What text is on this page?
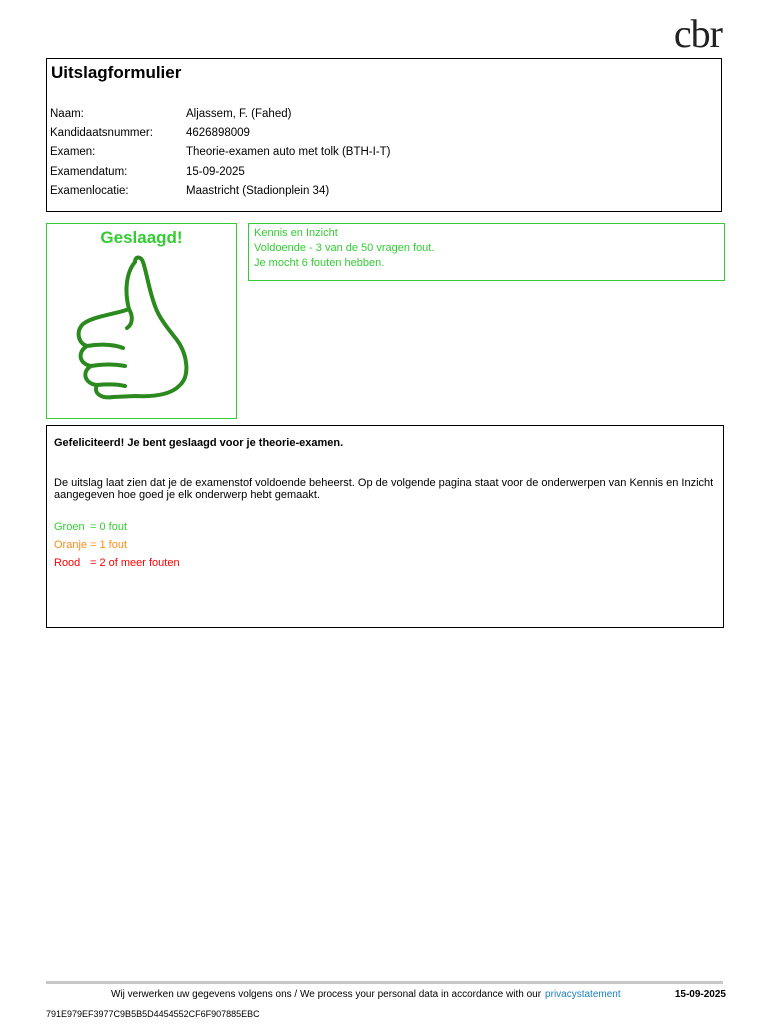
cbr
Uitslagformulier
Naam:	Aljassem, F. (Fahed)
Kandidaatsnummer:	4626898009
Examen:	Theorie-examen auto met tolk (BTH-I-T)
Examendatum:	15-09-2025
Examenlocatie:	Maastricht (Stadionplein 34)
Geslaagd!	Kennis en Inzicht
Voldoende - 3 van de 50 vragen fout.
Je mocht 6 fouten hebben.
Gefeliciteerd! Je bent geslaagd voor je theorie-examen.
De uitslag laat zien dat je de examenstof voldoende beheerst. Op de volgende pagina staat voor de onderwerpen van Kennis en Inzicht aangegeven hoe goed je elk onderwerp hebt gemaakt.
Groen = 0 fout
Oranje = 1 fout
Rood = 2 of meer fouten
Wij verwerken uw gegevens volgens ons / We process your personal data in accordance with our privacystatement	15-09-2025
791E979EF3977C9B5B5D4454552CF6F907885EBC
